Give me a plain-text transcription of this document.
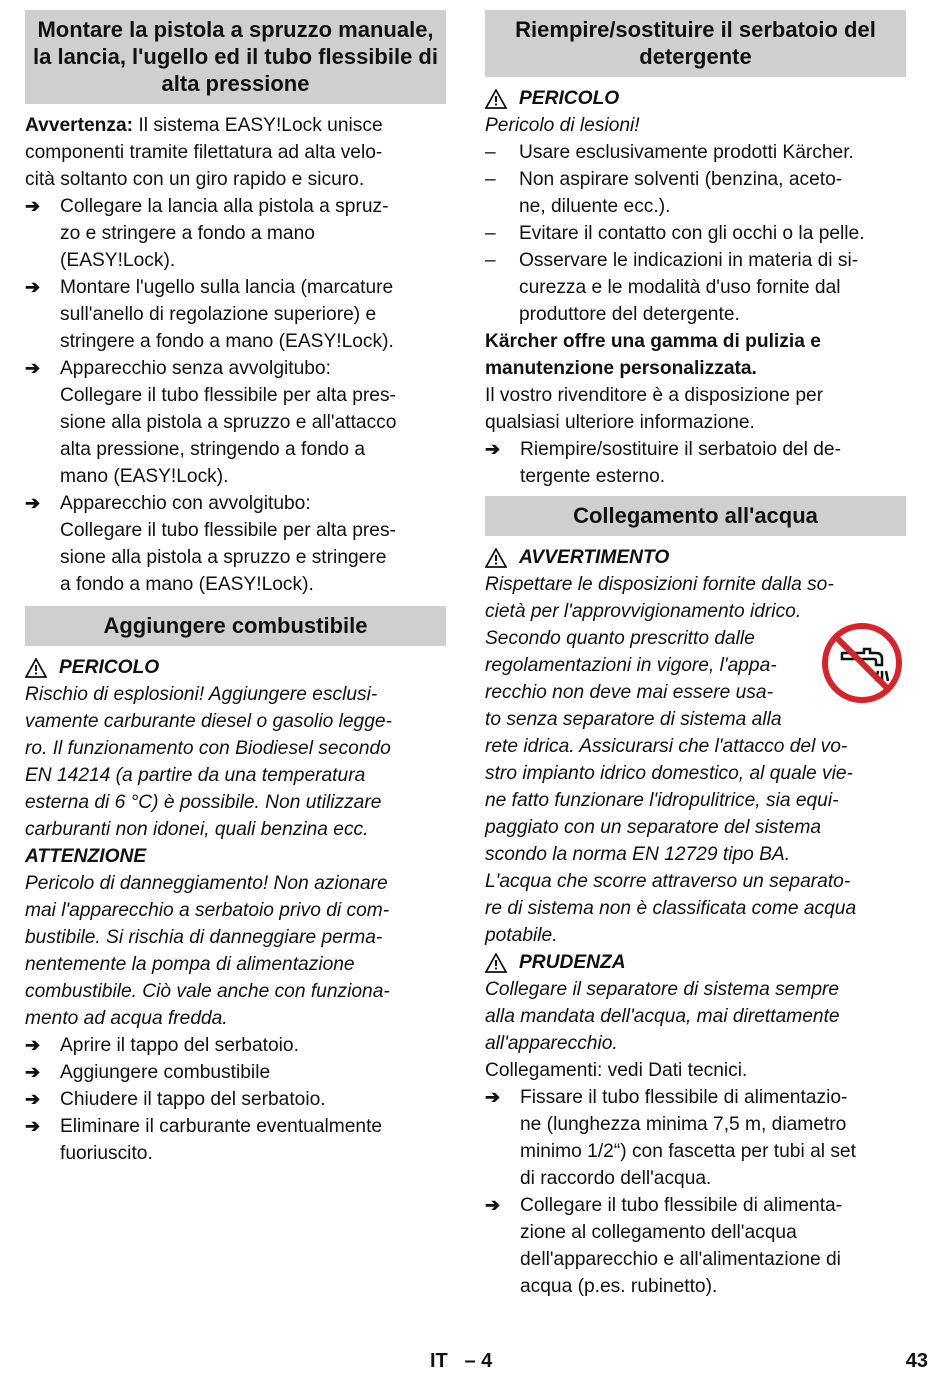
Montare la pistola a spruzzo manuale, la lancia, l'ugello ed il tubo flessibile di alta pressione

Avvertenza: Il sistema EASY!Lock unisce
componenti tramite filettatura ad alta velo-
cità soltanto con un giro rapido e sicuro.

➔	Collegare la lancia alla pistola a spruz-
zo e stringere a fondo a mano
(EASY!Lock).
➔	Montare l'ugello sulla lancia (marcature
sull'anello di regolazione superiore) e
stringere a fondo a mano (EASY!Lock).
➔	Apparecchio senza avvolgitubo:
Collegare il tubo flessibile per alta pres-
sione alla pistola a spruzzo e all'attacco
alta pressione, stringendo a fondo a
mano (EASY!Lock).
➔	Apparecchio con avvolgitubo:
Collegare il tubo flessibile per alta pres-
sione alla pistola a spruzzo e stringere
a fondo a mano (EASY!Lock).
Aggiungere combustibile
PERICOLO

Rischio di esplosioni! Aggiungere esclusi-
vamente carburante diesel o gasolio legge-
ro. Il funzionamento con Biodiesel secondo
EN 14214 (a partire da una temperatura
esterna di 6 °C) è possibile. Non utilizzare
carburanti non idonei, quali benzina ecc.

ATTENZIONE

Pericolo di danneggiamento! Non azionare
mai l'apparecchio a serbatoio privo di com-
bustibile. Si rischia di danneggiare perma-
nentemente la pompa di alimentazione
combustibile. Ciò vale anche con funziona-
mento ad acqua fredda.

➔	Aprire il tappo del serbatoio.
➔	Aggiungere combustibile
➔	Chiudere il tappo del serbatoio.
➔	Eliminare il carburante eventualmente
fuoriuscito.
Riempire/sostituire il serbatoio del detergente
PERICOLO
Pericolo di lesioni!
–	Usare esclusivamente prodotti Kärcher.
–	Non aspirare solventi (benzina, aceto-
ne, diluente ecc.).
–	Evitare il contatto con gli occhi o la pelle.
–	Osservare le indicazioni in materia di si-
curezza e le modalità d'uso fornite dal
produttore del detergente.

Kärcher offre una gamma di pulizia e
manutenzione personalizzata.

Il vostro rivenditore è a disposizione per
qualsiasi ulteriore informazione.

➔	Riempire/sostituire il serbatoio del de-
tergente esterno.
Collegamento all'acqua
AVVERTIMENTO

Rispettare le disposizioni fornite dalla so-
cietà per l'approvvigionamento idrico.
Secondo quanto prescritto dalle
regolamentazioni in vigore, l'appa-
recchio non deve mai essere usa-
to senza separatore di sistema alla
rete idrica. Assicurarsi che l'attacco del vo-
stro impianto idrico domestico, al quale vie-
ne fatto funzionare l'idropulitrice, sia equi-
paggiato con un separatore del sistema
scondo la norma EN 12729 tipo BA.
L'acqua che scorre attraverso un separato-
re di sistema non è classificata come acqua
potabile.

PRUDENZA

Collegare il separatore di sistema sempre
alla mandata dell'acqua, mai direttamente
all'apparecchio.

Collegamenti: vedi Dati tecnici.
➔	Fissare il tubo flessibile di alimentazio-
ne (lunghezza minima 7,5 m, diametro
minimo 1/2“) con fascetta per tubi al set
di raccordo dell'acqua.
➔	Collegare il tubo flessibile di alimenta-
zione al collegamento dell'acqua
dell'apparecchio e all'alimentazione di
acqua (p.es. rubinetto).
IT – 4	43
